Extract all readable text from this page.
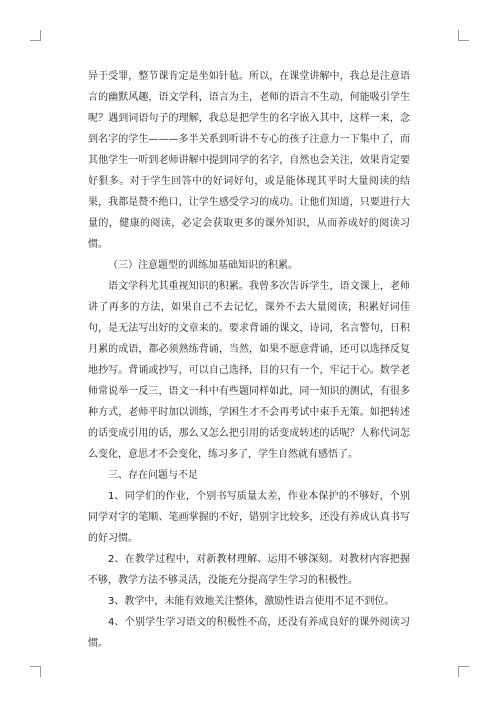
异于受罪，整节课肯定是坐如针毡。所以，在课堂讲解中，我总是注意语言的幽默风趣，语文学科，语言为主，老师的语言不生动，何能吸引学生呢？遇到词语句子的理解，我总是把学生的名字嵌入其中，这样一来，念到名字的学生———多半关系到听讲不专心的孩子注意力一下集中了，而其他学生一听到老师讲解中提到同学的名字，自然也会关注，效果肯定要好狠多。对于学生回答中的好词好句，或是能体现其平时大量阅读的结果，我都是赞不绝口，让学生感受学习的成功。让他们知道，只要进行大量的，健康的阅读，必定会获取更多的课外知识，从而养成好的阅读习惯。

（三）注意题型的训练加基础知识的积累。

语文学科尤其重视知识的积累。我曾多次告诉学生，语文课上，老师讲了再多的方法，如果自己不去记忆，课外不去大量阅读，积累好词佳句，是无法写出好的文章来的。要求背诵的课文，诗词，名言警句，日积月累的成语，都必须熟练背诵，当然，如果不愿意背诵，还可以选择反复地抄写。背诵或抄写，可以自己选择，目的只有一个，牢记于心。数学老师常说举一反三，语文一科中有些题同样如此，同一知识的测试，有很多种方式，老师平时加以训练，学困生才不会再考试中束手无策。如把转述的话变成引用的话，那么又怎么把引用的话变成转述的话呢？人称代词怎么变化，意思才不会变化，练习多了，学生自然就有感悟了。

三、存在问题与不足

1、同学们的作业，个别书写质量太差，作业本保护的不够好，个别同学对字的笔顺、笔画掌握的不好，错别字比较多，还没有养成认真书写的好习惯。

2、在教学过程中，对新教材理解、运用不够深刻。对教材内容把握不够，教学方法不够灵活，没能充分提高学生学习的积极性。

3、教学中，未能有效地关注整体，激励性语言使用不足不到位。

4、个别学生学习语文的积极性不高，还没有养成良好的课外阅读习惯。
